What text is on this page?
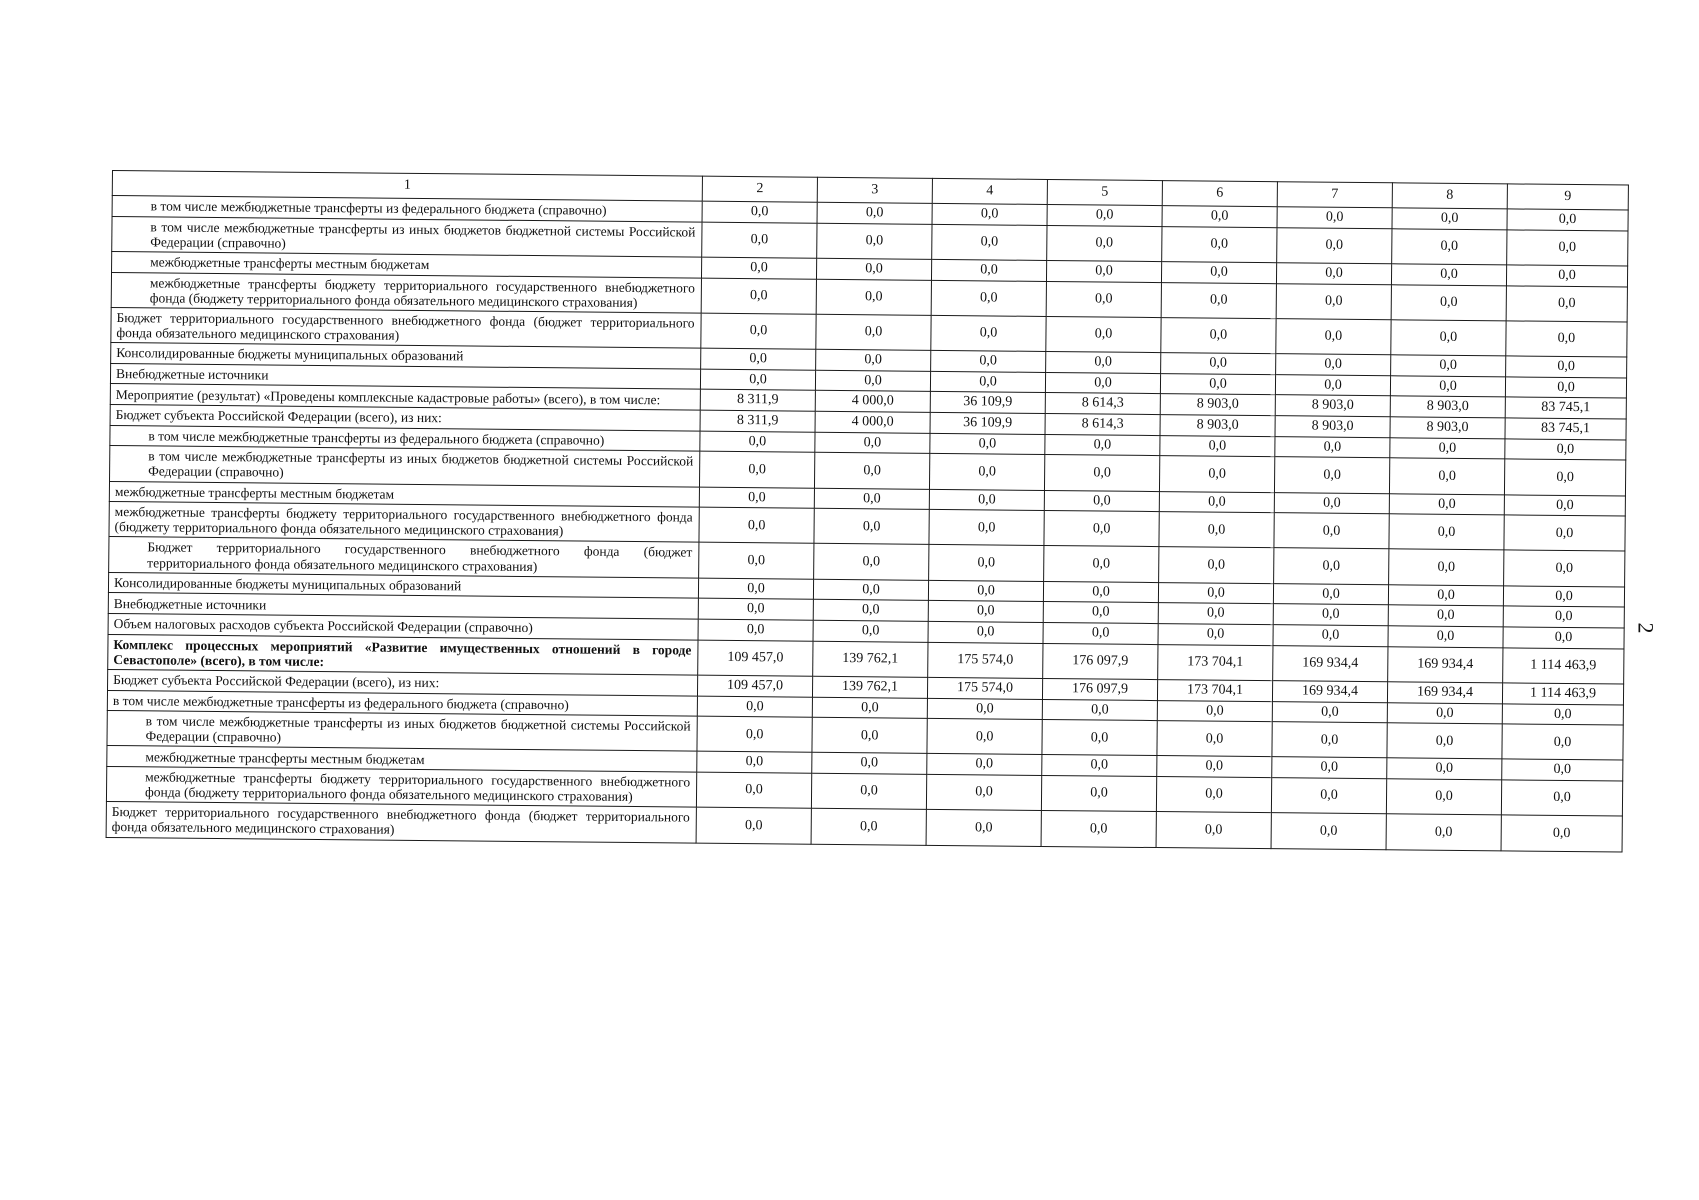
1	2	3	4	5	6	7	8	9
в том числе межбюджетные трансферты из федерального бюджета (справочно)	0,0	0,0	0,0	0,0	0,0	0,0	0,0	0,0
в том числе межбюджетные трансферты из иных бюджетов бюджетной системы Российской Федерации (справочно)	0,0	0,0	0,0	0,0	0,0	0,0	0,0	0,0
межбюджетные трансферты местным бюджетам	0,0	0,0	0,0	0,0	0,0	0,0	0,0	0,0
межбюджетные трансферты бюджету территориального государственного внебюджетного фонда (бюджету территориального фонда обязательного медицинского страхования)	0,0	0,0	0,0	0,0	0,0	0,0	0,0	0,0
Бюджет территориального государственного внебюджетного фонда (бюджет территориального фонда обязательного медицинского страхования)	0,0	0,0	0,0	0,0	0,0	0,0	0,0	0,0
Консолидированные бюджеты муниципальных образований	0,0	0,0	0,0	0,0	0,0	0,0	0,0	0,0
Внебюджетные источники	0,0	0,0	0,0	0,0	0,0	0,0	0,0	0,0
Мероприятие (результат) «Проведены комплексные кадастровые работы» (всего), в том числе:	8 311,9	4 000,0	36 109,9	8 614,3	8 903,0	8 903,0	8 903,0	83 745,1
Бюджет субъекта Российской Федерации (всего), из них:	8 311,9	4 000,0	36 109,9	8 614,3	8 903,0	8 903,0	8 903,0	83 745,1
в том числе межбюджетные трансферты из федерального бюджета (справочно)	0,0	0,0	0,0	0,0	0,0	0,0	0,0	0,0
в том числе межбюджетные трансферты из иных бюджетов бюджетной системы Российской Федерации (справочно)	0,0	0,0	0,0	0,0	0,0	0,0	0,0	0,0
межбюджетные трансферты местным бюджетам	0,0	0,0	0,0	0,0	0,0	0,0	0,0	0,0
межбюджетные трансферты бюджету территориального государственного внебюджетного фонда (бюджету территориального фонда обязательного медицинского страхования)	0,0	0,0	0,0	0,0	0,0	0,0	0,0	0,0
Бюджет территориального государственного внебюджетного фонда (бюджет территориального фонда обязательного медицинского страхования)	0,0	0,0	0,0	0,0	0,0	0,0	0,0	0,0
Консолидированные бюджеты муниципальных образований	0,0	0,0	0,0	0,0	0,0	0,0	0,0	0,0
Внебюджетные источники	0,0	0,0	0,0	0,0	0,0	0,0	0,0	0,0
Объем налоговых расходов субъекта Российской Федерации (справочно)	0,0	0,0	0,0	0,0	0,0	0,0	0,0	0,0
Комплекс процессных мероприятий «Развитие имущественных отношений в городе Севастополе» (всего), в том числе:	109 457,0	139 762,1	175 574,0	176 097,9	173 704,1	169 934,4	169 934,4	1 114 463,9
Бюджет субъекта Российской Федерации (всего), из них:	109 457,0	139 762,1	175 574,0	176 097,9	173 704,1	169 934,4	169 934,4	1 114 463,9
в том числе межбюджетные трансферты из федерального бюджета (справочно)	0,0	0,0	0,0	0,0	0,0	0,0	0,0	0,0
в том числе межбюджетные трансферты из иных бюджетов бюджетной системы Российской Федерации (справочно)	0,0	0,0	0,0	0,0	0,0	0,0	0,0	0,0
межбюджетные трансферты местным бюджетам	0,0	0,0	0,0	0,0	0,0	0,0	0,0	0,0
межбюджетные трансферты бюджету территориального государственного внебюджетного фонда (бюджету территориального фонда обязательного медицинского страхования)	0,0	0,0	0,0	0,0	0,0	0,0	0,0	0,0
Бюджет территориального государственного внебюджетного фонда (бюджет территориального фонда обязательного медицинского страхования)	0,0	0,0	0,0	0,0	0,0	0,0	0,0	0,0
2
